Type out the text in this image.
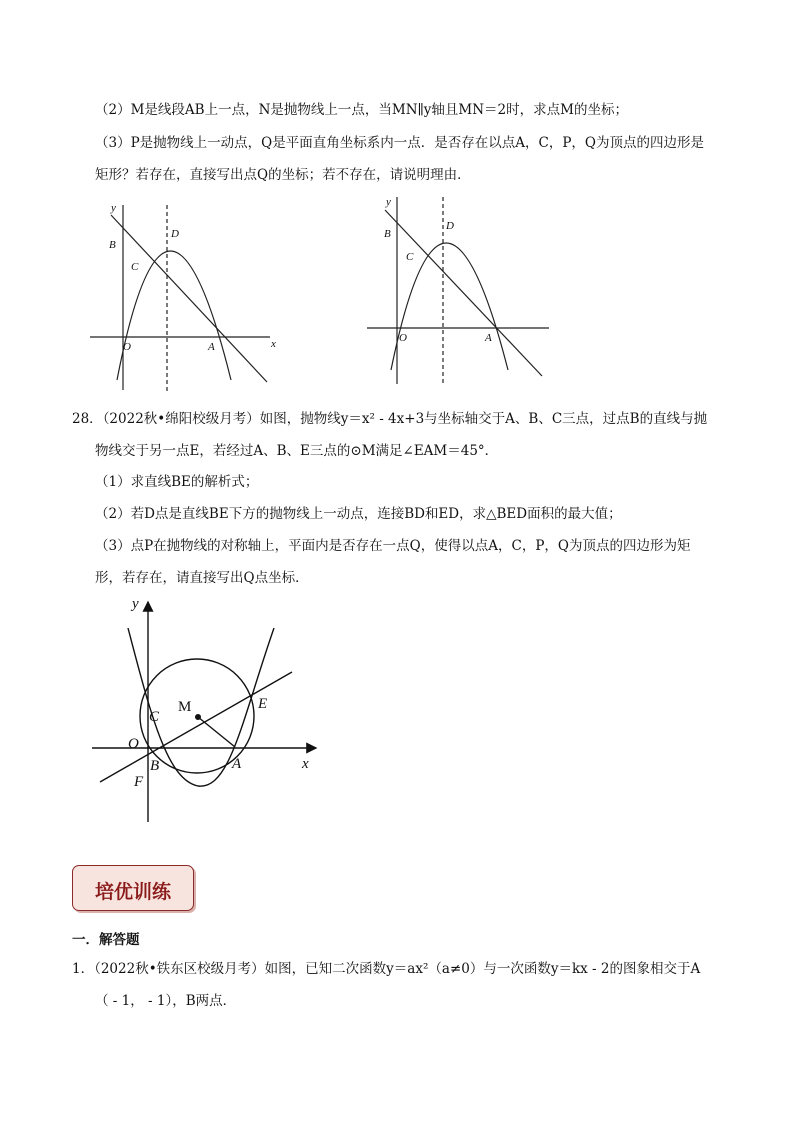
（2）M是线段AB上一点，N是抛物线上一点，当MN∥y轴且MN＝2时，求点M的坐标；
（3）P是抛物线上一动点，Q是平面直角坐标系内一点．是否存在以点A，C，P，Q为顶点的四边形是
矩形？若存在，直接写出点Q的坐标；若不存在，请说明理由．
y
x
B
C
D
O	A
y
B
C
D
O	A
28．（2022秋•绵阳校级月考）如图，抛物线y＝x² - 4x+3与坐标轴交于A、B、C三点，过点B的直线与抛
物线交于另一点E，若经过A、B、E三点的⊙M满足∠EAM＝45°．
（1）求直线BE的解析式；
（2）若D点是直线BE下方的抛物线上一动点，连接BD和ED，求△BED面积的最大值；
（3）点P在抛物线的对称轴上，平面内是否存在一点Q，使得以点A，C，P，Q为顶点的四边形为矩
形，若存在，请直接写出Q点坐标．
y
x
M	E
C
O
B	A
F
培优训练
一．解答题
1．（2022秋•铁东区校级月考）如图，已知二次函数y＝ax²（a≠0）与一次函数y＝kx - 2的图象相交于A
（ - 1， - 1），B两点．
